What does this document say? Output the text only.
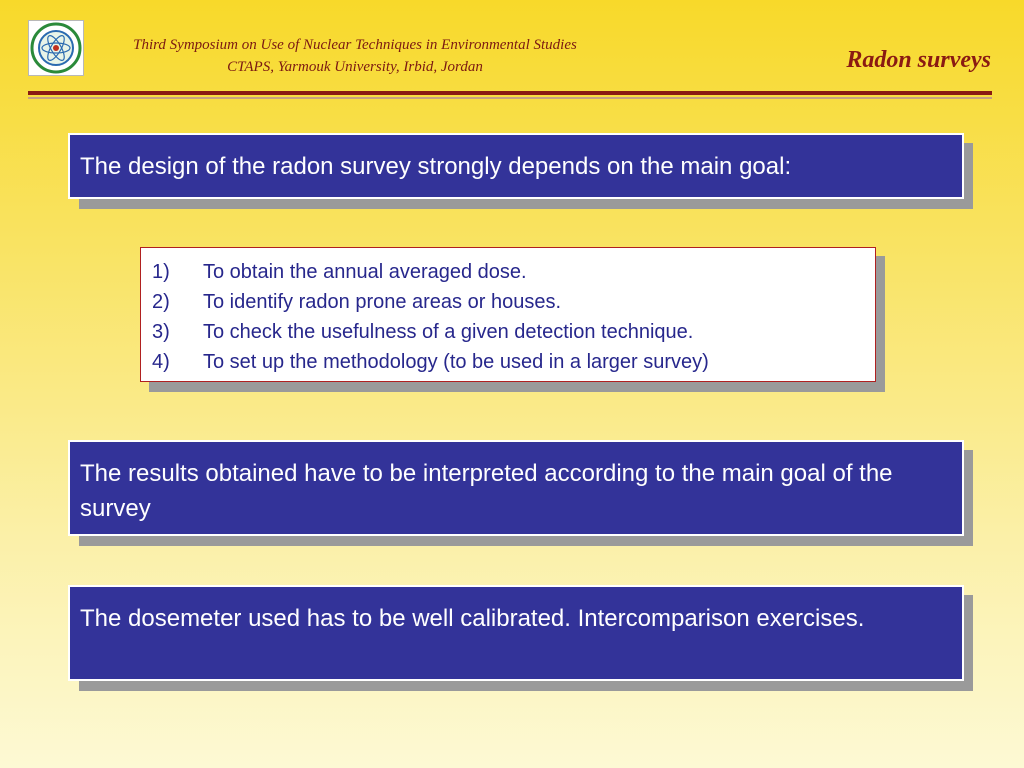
Third Symposium on Use of Nuclear Techniques in Environmental Studies
CTAPS, Yarmouk University, Irbid, Jordan	Radon surveys
The design of the radon survey strongly depends on the main goal:
1)	To obtain the annual averaged dose.
2)	To identify radon prone areas or houses.
3)	To check the usefulness of a given detection technique.
4)	To set up the methodology (to be used in a larger survey)
The results obtained have to be interpreted according to the main goal of the survey
The dosemeter used has to be well calibrated. Intercomparison exercises.
